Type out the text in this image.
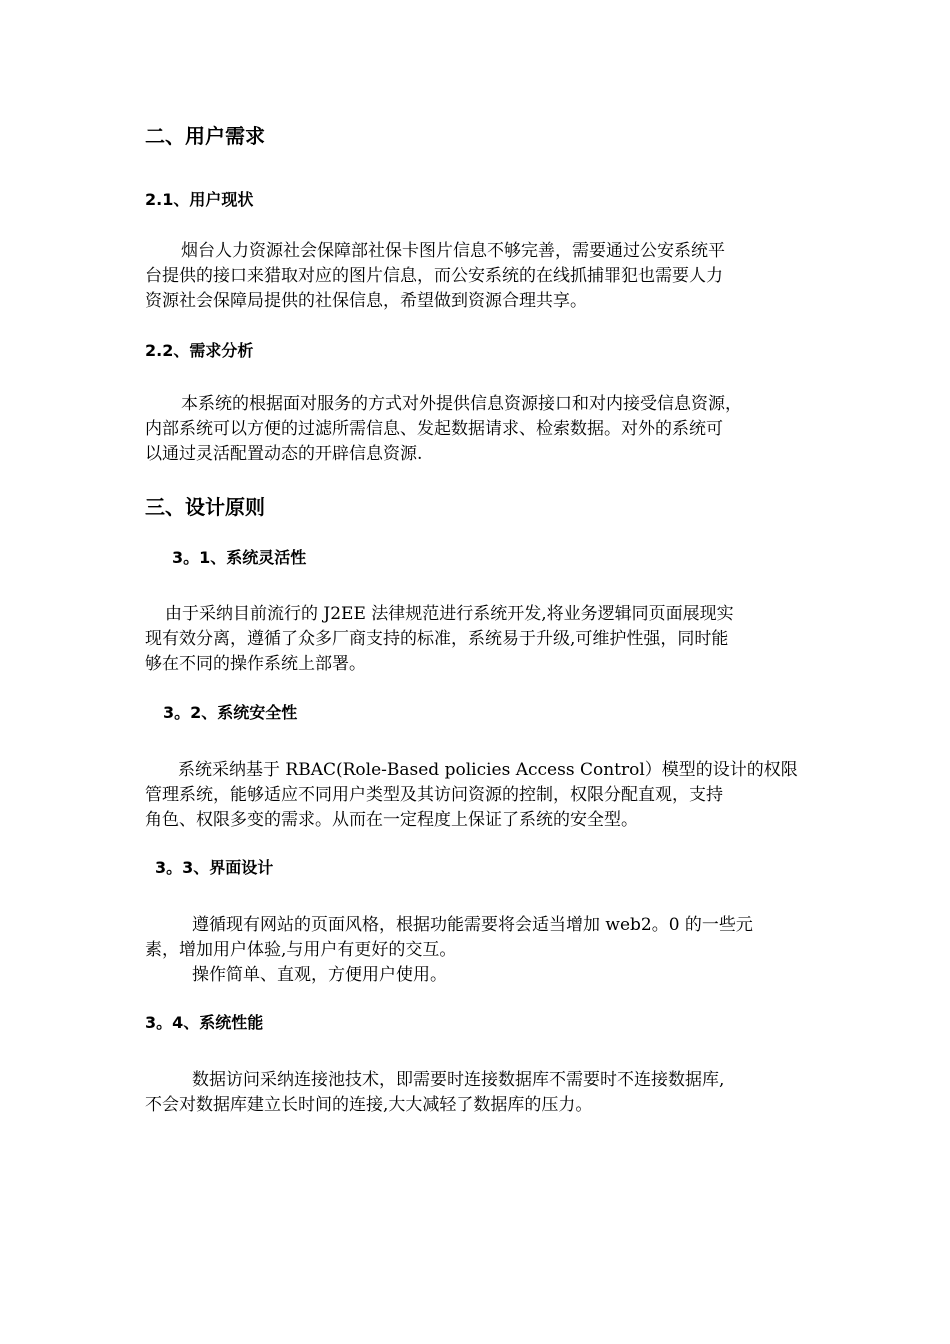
二、用户需求
2.1、用户现状
烟台人力资源社会保障部社保卡图片信息不够完善，需要通过公安系统平
台提供的接口来猎取对应的图片信息，而公安系统的在线抓捕罪犯也需要人力
资源社会保障局提供的社保信息，希望做到资源合理共享。
2.2、需求分析
本系统的根据面对服务的方式对外提供信息资源接口和对内接受信息资源，
内部系统可以方便的过滤所需信息、发起数据请求、检索数据。对外的系统可
以通过灵活配置动态的开辟信息资源.
三、设计原则
3。1、系统灵活性
由于采纳目前流行的 J2EE 法律规范进行系统开发,将业务逻辑同页面展现实
现有效分离，遵循了众多厂商支持的标准，系统易于升级,可维护性强，同时能
够在不同的操作系统上部署。
3。2、系统安全性
系统采纳基于 RBAC(Role-Based policies Access Control）模型的设计的权限
管理系统，能够适应不同用户类型及其访问资源的控制，权限分配直观，支持
角色、权限多变的需求。从而在一定程度上保证了系统的安全型。
3。3、界面设计
遵循现有网站的页面风格，根据功能需要将会适当增加 web2。0 的一些元
素，增加用户体验,与用户有更好的交互。
操作简单、直观，方便用户使用。
3。4、系统性能
数据访问采纳连接池技术，即需要时连接数据库不需要时不连接数据库,
不会对数据库建立长时间的连接,大大减轻了数据库的压力。
